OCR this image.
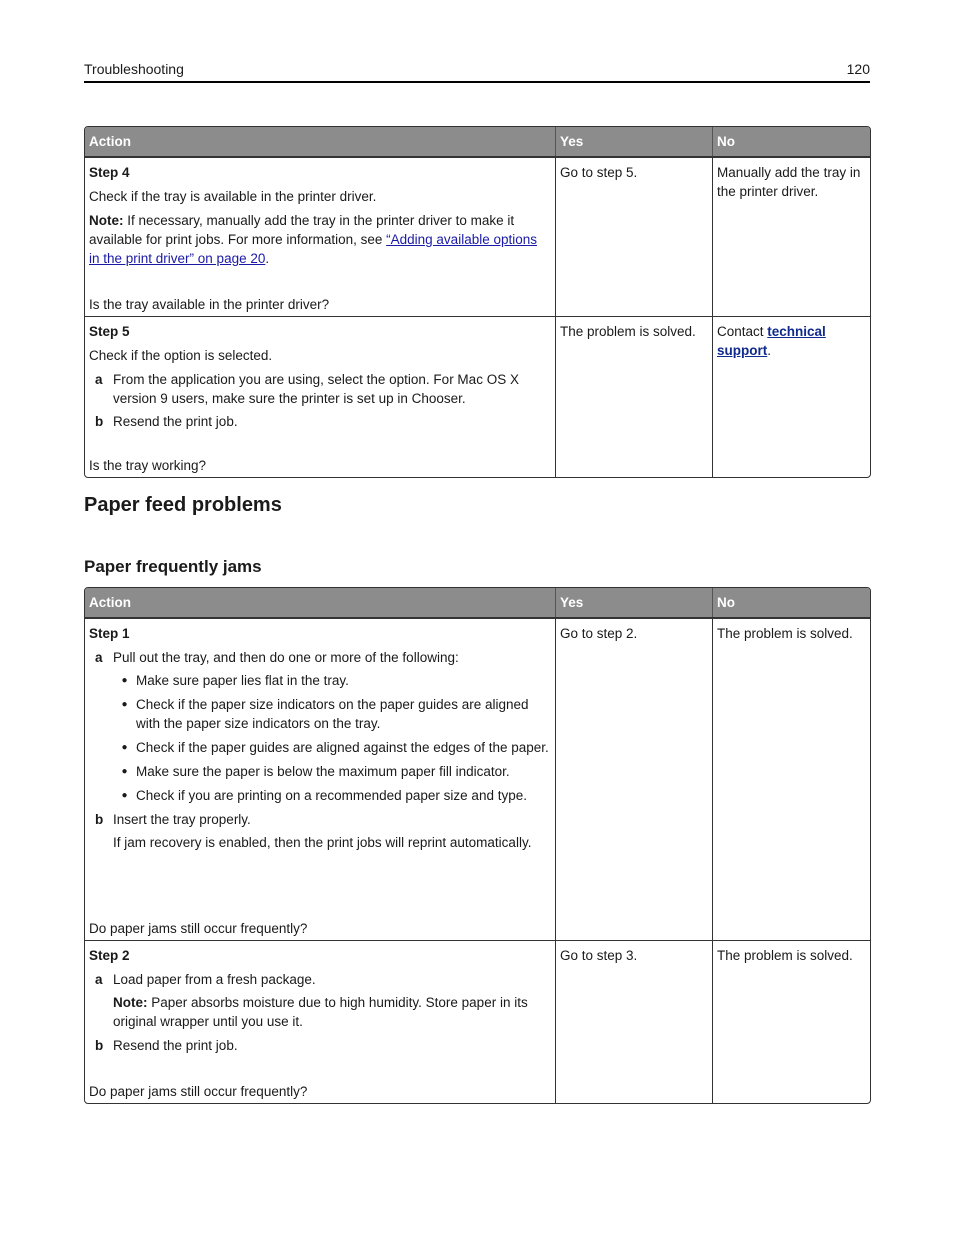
Troubleshooting	120
Action	Yes	No

Step 4

Check if the tray is available in the printer driver.

Note: If necessary, manually add the tray in the printer driver to make it available for print jobs. For more information, see “Adding available options in the print driver” on page 20.

Is the tray available in the printer driver?
Go to step 5.	Manually add the tray in the printer driver.

Step 5

Check if the option is selected.

a From the application you are using, select the option. For Mac OS X version 9 users, make sure the printer is set up in Chooser.
b Resend the print job.
Is the tray working?
The problem is solved.	Contact technical support.
Paper feed problems
Paper frequently jams
Action	Yes	No

Step 1

a Pull out the tray, and then do one or more of the following:
● Make sure paper lies flat in the tray.
● Check if the paper size indicators on the paper guides are aligned with the paper size indicators on the tray.
● Check if the paper guides are aligned against the edges of the paper.
● Make sure the paper is below the maximum paper fill indicator.
● Check if you are printing on a recommended paper size and type.
b Insert the tray properly.

If jam recovery is enabled, then the print jobs will reprint automatically.

Do paper jams still occur frequently?
Go to step 2.	The problem is solved.

Step 2

a Load paper from a fresh package.

Note: Paper absorbs moisture due to high humidity. Store paper in its original wrapper until you use it.

b Resend the print job.
Do paper jams still occur frequently?
Go to step 3.	The problem is solved.
